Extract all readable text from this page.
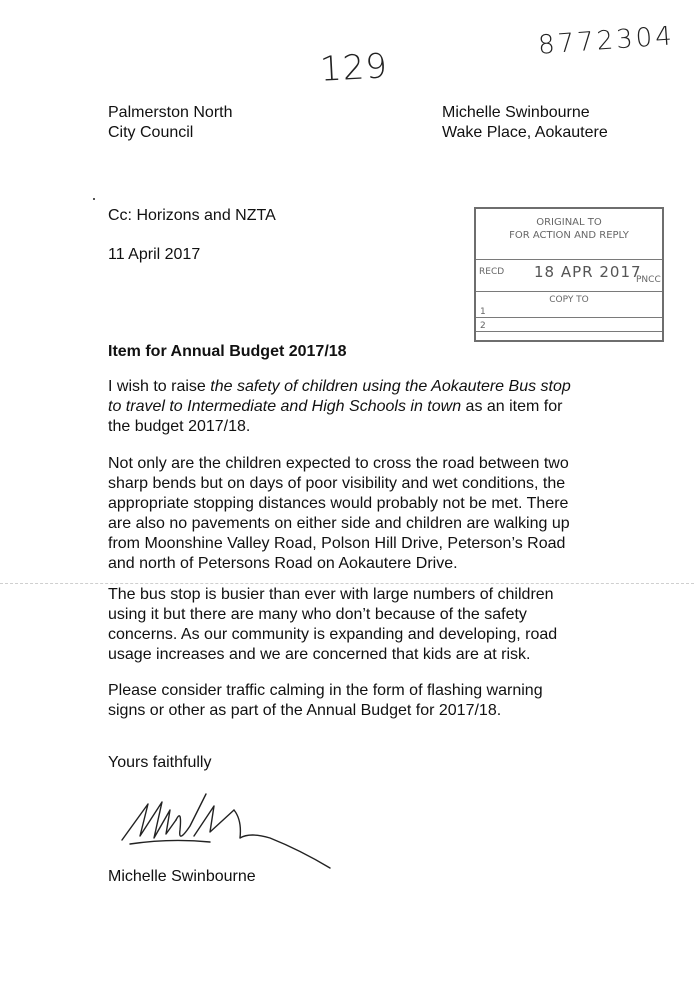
129
8772304
Palmerston North
City Council
Michelle Swinbourne
Wake Place, Aokautere
Cc: Horizons and NZTA
11 April 2017
ORIGINAL TO
FOR ACTION AND REPLY
RECD 18 APR 2017
PNCC
COPY TO
1
2
Item for Annual Budget 2017/18
I wish to raise the safety of children using the Aokautere Bus stop to travel to Intermediate and High Schools in town as an item for the budget 2017/18.
Not only are the children expected to cross the road between two sharp bends but on days of poor visibility and wet conditions, the appropriate stopping distances would probably not be met. There are also no pavements on either side and children are walking up from Moonshine Valley Road, Polson Hill Drive, Peterson’s Road and north of Petersons Road on Aokautere Drive.
The bus stop is busier than ever with large numbers of children using it but there are many who don’t because of the safety concerns. As our community is expanding and developing, road usage increases and we are concerned that kids are at risk.
Please consider traffic calming in the form of flashing warning signs or other as part of the Annual Budget for 2017/18.
Yours faithfully
Michelle Swinbourne
